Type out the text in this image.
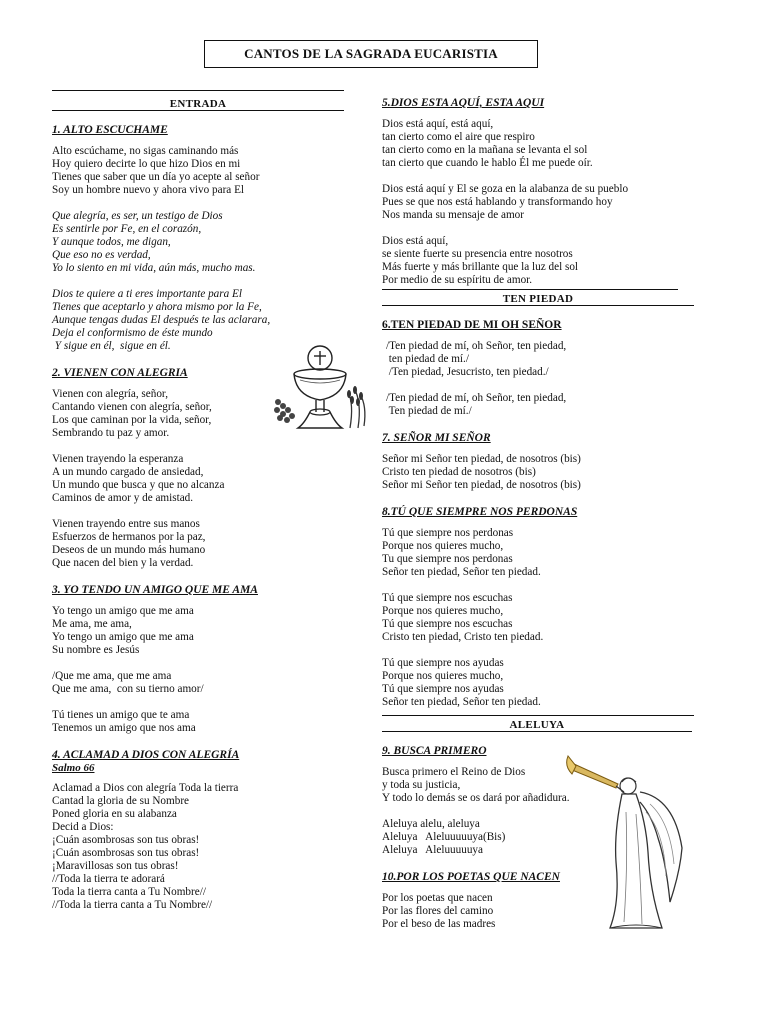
CANTOS DE LA SAGRADA EUCARISTIA
ENTRADA
1. ALTO ESCUCHAME
Alto escúchame, no sigas caminando más
Hoy quiero decirte lo que hizo Dios en mi
Tienes que saber que un día yo acepte al señor
Soy un hombre nuevo y ahora vivo para El
Que alegría, es ser, un testigo de Dios
Es sentirle por Fe, en el corazón,
Y aunque todos, me digan,
Que eso no es verdad,
Yo lo siento en mi vida, aún más, mucho mas.
Dios te quiere a ti eres importante para El
Tienes que aceptarlo y ahora mismo por la Fe,
Aunque tengas dudas El después te las aclarara,
Deja el conformismo de éste mundo
Y sigue en él,  sigue en él.
2. VIENEN CON ALEGRIA
Vienen con alegría, señor,
Cantando vienen con alegría, señor,
Los que caminan por la vida, señor,
Sembrando tu paz y amor.
Vienen trayendo la esperanza
A un mundo cargado de ansiedad,
Un mundo que busca y que no alcanza
Caminos de amor y de amistad.
Vienen trayendo entre sus manos
Esfuerzos de hermanos por la paz,
Deseos de un mundo más humano
Que nacen del bien y la verdad.
3. YO TENDO UN AMIGO QUE ME AMA
Yo tengo un amigo que me ama
Me ama, me ama,
Yo tengo un amigo que me ama
Su nombre es Jesús
/Que me ama, que me ama
Que me ama,  con su tierno amor/
Tú tienes un amigo que te ama
Tenemos un amigo que nos ama
4. ACLAMAD A DIOS CON ALEGRÍA
Salmo 66
Aclamad a Dios con alegría Toda la tierra
Cantad la gloria de su Nombre
Poned gloria en su alabanza
Decid a Dios:
¡Cuán asombrosas son tus obras!
¡Cuán asombrosas son tus obras!
¡Maravillosas son tus obras!
//Toda la tierra te adorará
Toda la tierra canta a Tu Nombre//
//Toda la tierra canta a Tu Nombre//
5.DIOS ESTA AQUÍ, ESTA AQUI
Dios está aquí, está aquí,
tan cierto como el aire que respiro
tan cierto como en la mañana se levanta el sol
tan cierto que cuando le hablo Él me puede oír.
Dios está aquí y El se goza en la alabanza de su pueblo
Pues se que nos está hablando y transformando hoy
Nos manda su mensaje de amor
Dios está aquí,
se siente fuerte su presencia entre nosotros
Más fuerte y más brillante que la luz del sol
Por medio de su espíritu de amor.
TEN PIEDAD
6.TEN PIEDAD DE MI OH SEÑOR
/Ten piedad de mí, oh Señor, ten piedad,
ten piedad de mí./
/Ten piedad, Jesucristo, ten piedad./
/Ten piedad de mí, oh Señor, ten piedad,
Ten piedad de mí./
7. SEÑOR MI SEÑOR
Señor mi Señor ten piedad, de nosotros (bis)
Cristo ten piedad de nosotros (bis)
Señor mi Señor ten piedad, de nosotros (bis)
8.TÚ QUE SIEMPRE NOS PERDONAS
Tú que siempre nos perdonas
Porque nos quieres mucho,
Tu que siempre nos perdonas
Señor ten piedad, Señor ten piedad.
Tú que siempre nos escuchas
Porque nos quieres mucho,
Tú que siempre nos escuchas
Cristo ten piedad, Cristo ten piedad.
Tú que siempre nos ayudas
Porque nos quieres mucho,
Tú que siempre nos ayudas
Señor ten piedad, Señor ten piedad.
ALELUYA
9. BUSCA PRIMERO
Busca primero el Reino de Dios
y toda su justicia,
Y todo lo demás se os dará por añadidura.
Aleluya alelu, aleluya
Aleluya   Aleluuuuuya(Bis)
Aleluya   Aleluuuuuya
10.POR LOS POETAS QUE NACEN
Por los poetas que nacen
Por las flores del camino
Por el beso de las madres
